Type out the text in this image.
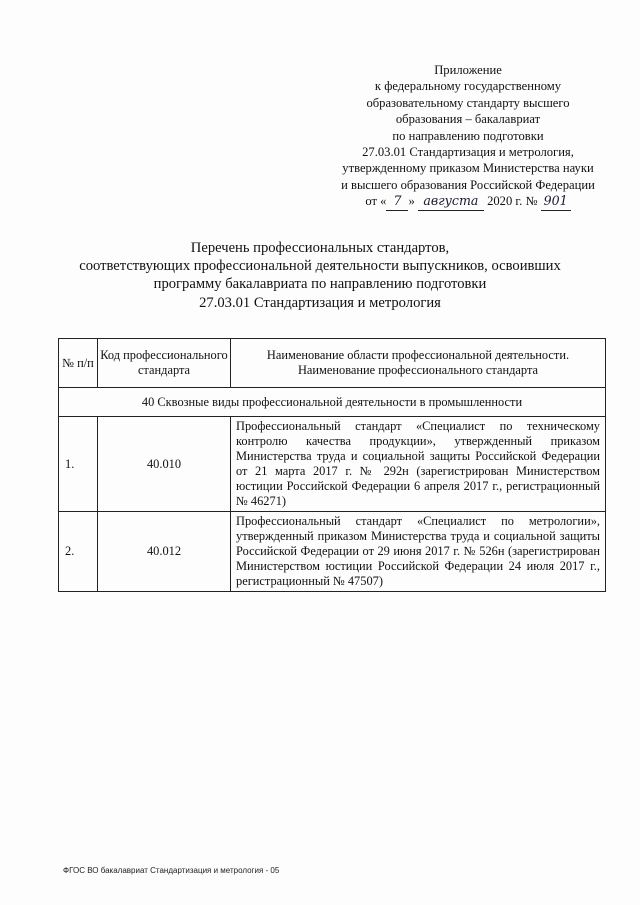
Приложение
к федеральному государственному
образовательному стандарту высшего
образования – бакалавриат
по направлению подготовки
27.03.01 Стандартизация и метрология,
утвержденному приказом Министерства науки
и высшего образования Российской Федерации
от « 7 » августа 2020 г. № 901
Перечень профессиональных стандартов,
соответствующих профессиональной деятельности выпускников, освоивших
программу бакалавриата по направлению подготовки
27.03.01 Стандартизация и метрология
№ п/п	Код профессионального стандарта	Наименование области профессиональной деятельности. Наименование профессионального стандарта
40 Сквозные виды профессиональной деятельности в промышленности		
1.	40.010	Профессиональный стандарт «Специалист по техническому контролю качества продукции», утвержденный приказом Министерства труда и социальной защиты Российской Федерации от 21 марта 2017 г. № 292н (зарегистрирован Министерством юстиции Российской Федерации 6 апреля 2017 г., регистрационный № 46271)
2.	40.012	Профессиональный стандарт «Специалист по метрологии», утвержденный приказом Министерства труда и социальной защиты Российской Федерации от 29 июня 2017 г. № 526н (зарегистрирован Министерством юстиции Российской Федерации 24 июля 2017 г., регистрационный № 47507)
ФГОС ВО бакалавриат Стандартизация и метрология - 05
